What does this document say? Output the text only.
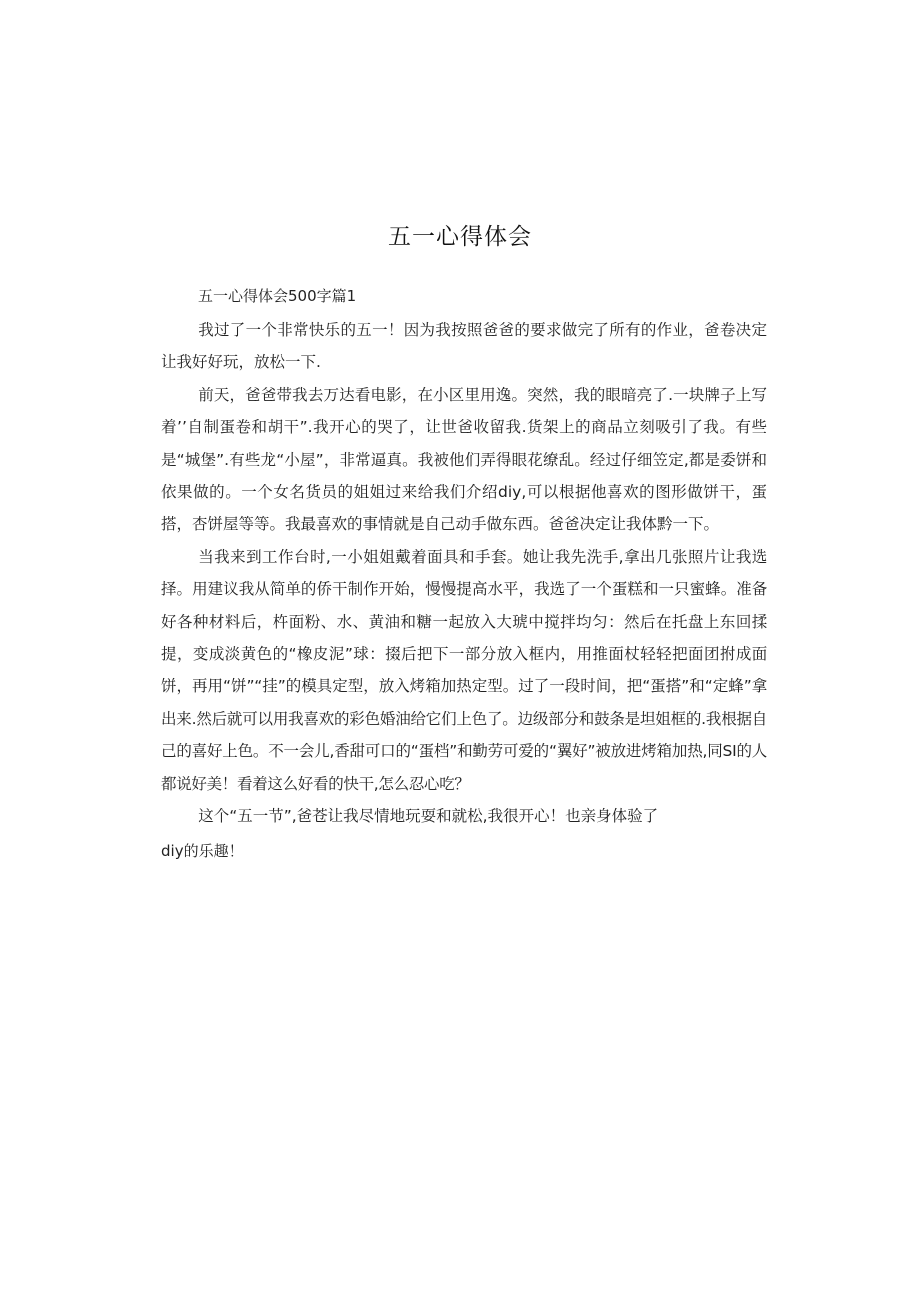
五一心得体会
五一心得体会500字篇1

我过了一个非常快乐的五一！因为我按照爸爸的要求做完了所有的作业，爸卷决定让我好好玩，放松一下.

前天，爸爸带我去万达看电影，在小区里用逸。突然，我的眼暗亮了.一块牌子上写着’’自制蛋卷和胡干”.我开心的哭了，让世爸收留我.货架上的商品立刻吸引了我。有些是“城堡”.有些龙“小屋”，非常逼真。我被他们弄得眼花缭乱。经过仔细笠定,都是委饼和依果做的。一个女名货员的姐姐过来给我们介绍diy,可以根据他喜欢的图形做饼干，蛋搭，杏饼屋等等。我最喜欢的事情就是自己动手做东西。爸爸决定让我体黔一下。

当我来到工作台时,一小姐姐戴着面具和手套。她让我先洗手,拿出几张照片让我选择。用建议我从简单的侨干制作开始，慢慢提高水平，我选了一个蛋糕和一只蜜蜂。准备好各种材料后，杵面粉、水、黄油和糖一起放入大琥中搅拌均匀：然后在托盘上东回揉提，变成淡黄色的“橡皮泥”球：掇后把下一部分放入框内，用推面杖轻轻把面团拊成面饼，再用“饼”“挂”的模具定型，放入烤箱加热定型。过了一段时间，把“蛋搭”和“定蜂”拿出来.然后就可以用我喜欢的彩色婚油给它们上色了。边级部分和鼓条是坦姐框的.我根据自己的喜好上色。不一会儿,香甜可口的“蛋档”和勤劳可爱的“翼好”被放进烤箱加热,同SI的人都说好美！看着这么好看的快干,怎么忍心吃？

这个“五一节”,爸苍让我尽情地玩耍和就松,我很开心！也亲身体验了

diy的乐趣！
